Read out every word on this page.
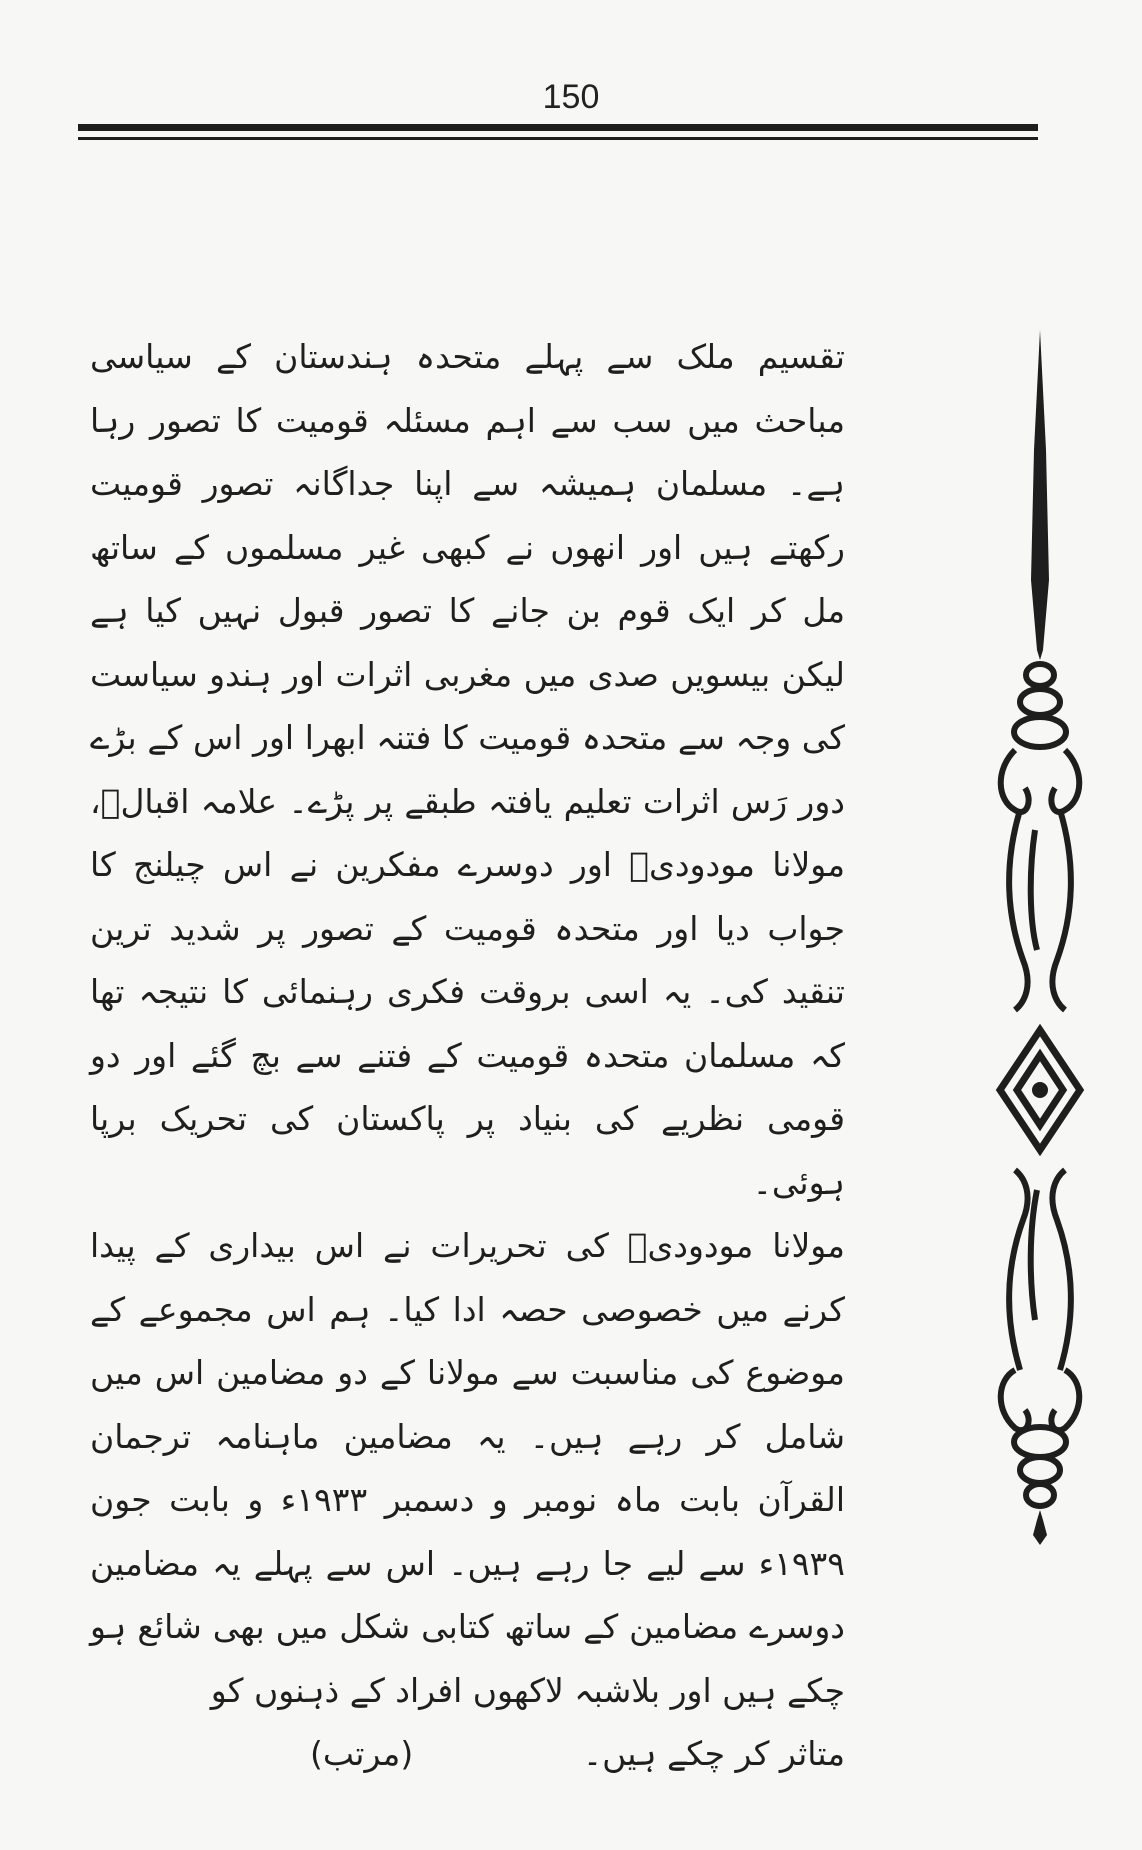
150

تقسیم ملک سے پہلے متحدہ ہندستان کے سیاسی مباحث میں سب سے اہم مسئلہ قومیت کا تصور رہا ہے۔ مسلمان ہمیشہ سے اپنا جداگانہ تصور قومیت رکھتے ہیں اور انھوں نے کبھی غیر مسلموں کے ساتھ مل کر ایک قوم بن جانے کا تصور قبول نہیں کیا ہے لیکن بیسویں صدی میں مغربی اثرات اور ہندو سیاست کی وجہ سے متحدہ قومیت کا فتنہ ابھرا اور اس کے بڑے دور رَس اثرات تعلیم یافتہ طبقے پر پڑے۔ علامہ اقبالؒ، مولانا مودودیؒ اور دوسرے مفکرین نے اس چیلنج کا جواب دیا اور متحدہ قومیت کے تصور پر شدید ترین تنقید کی۔ یہ اسی بروقت فکری رہنمائی کا نتیجہ تھا کہ مسلمان متحدہ قومیت کے فتنے سے بچ گئے اور دو قومی نظریے کی بنیاد پر پاکستان کی تحریک برپا ہوئی۔

مولانا مودودیؒ کی تحریرات نے اس بیداری کے پیدا کرنے میں خصوصی حصہ ادا کیا۔ ہم اس مجموعے کے موضوع کی مناسبت سے مولانا کے دو مضامین اس میں شامل کر رہے ہیں۔ یہ مضامین ماہنامہ ترجمان القرآن بابت ماہ نومبر و دسمبر ۱۹۳۳ء و بابت جون ۱۹۳۹ء سے لیے جا رہے ہیں۔ اس سے پہلے یہ مضامین دوسرے مضامین کے ساتھ کتابی شکل میں بھی شائع ہو چکے ہیں اور بلاشبہ لاکھوں افراد کے ذہنوں کو

متاثر کر چکے ہیں۔
(مرتب)
